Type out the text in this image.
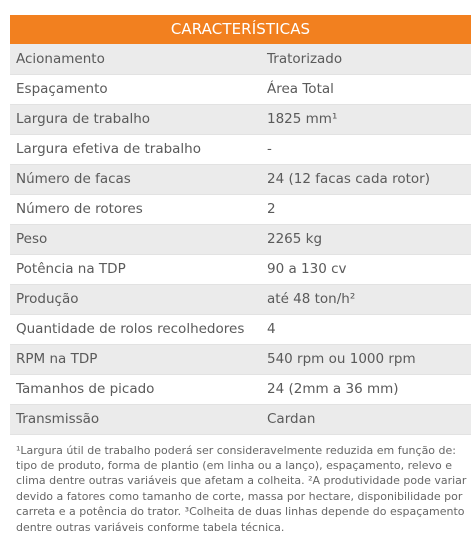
CARACTERÍSTICAS
Acionamento	Tratorizado
Espaçamento	Área Total
Largura de trabalho	1825 mm¹
Largura efetiva de trabalho	-
Número de facas	24 (12 facas cada rotor)
Número de rotores	2
Peso	2265 kg
Potência na TDP	90 a 130 cv
Produção	até 48 ton/h²
Quantidade de rolos recolhedores	4
RPM na TDP	540 rpm ou 1000 rpm
Tamanhos de picado	24 (2mm a 36 mm)
Transmissão	Cardan
¹Largura útil de trabalho poderá ser consideravelmente reduzida em função de: tipo de produto, forma de plantio (em linha ou a lanço), espaçamento, relevo e clima dentre outras variáveis que afetam a colheita. ²A produtividade pode variar devido a fatores como tamanho de corte, massa por hectare, disponibilidade por carreta e a potência do trator. ³Colheita de duas linhas depende do espaçamento dentre outras variáveis conforme tabela técnica.
